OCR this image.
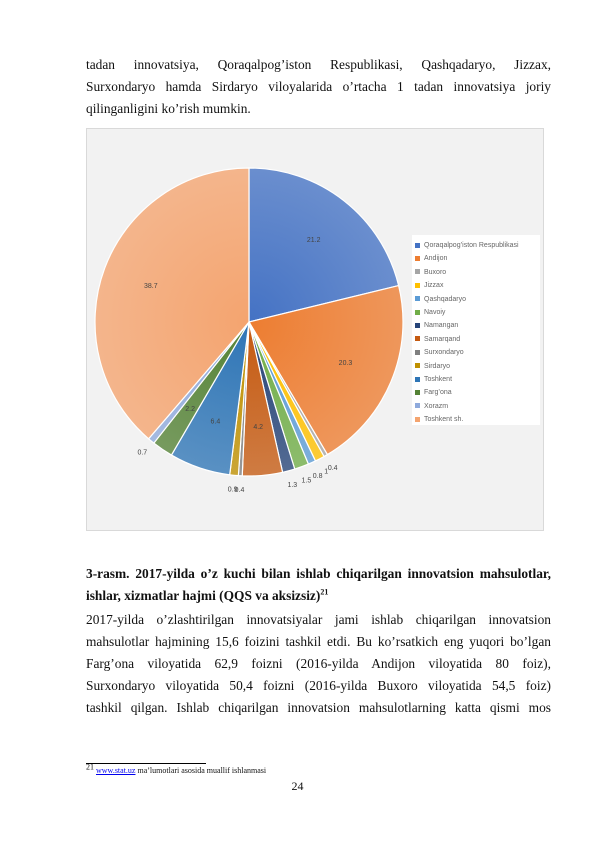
tadan innovatsiya, Qoraqalpog’iston Respublikasi, Qashqadaryo, Jizzax,
Surxondaryo hamda Sirdaryo viloyalarida o’rtacha 1 tadan innovatsiya joriy
qilinganligini ko’rish mumkin.
21.2
20.3
0.4
1
0.8
1.5
1.3
4.2
0.4
0.9
6.4
2.2
0.7
38.7
Qoraqalpog’iston Respublikasi
Andijon
Buxoro
Jizzax
Qashqadaryo
Navoiy
Namangan
Samarqand
Surxondaryo
Sirdaryo
Toshkent
Farg’ona
Xorazm
Toshkent sh.
3-rasm. 2017-yilda o’z kuchi bilan ishlab chiqarilgan innovatsion mahsulotlar,
ishlar, xizmatlar hajmi (QQS va aksizsiz)$^{21}$
2017-yilda o’zlashtirilgan innovatsiyalar jami ishlab chiqarilgan innovatsion
mahsulotlar hajmining 15,6 foizini tashkil etdi. Bu ko’rsatkich eng yuqori bo’lgan
Farg’ona viloyatida 62,9 foizni (2016-yilda Andijon viloyatida 80 foiz),
Surxondaryo viloyatida 50,4 foizni (2016-yilda Buxoro viloyatida 54,5 foiz)
tashkil qilgan. Ishlab chiqarilgan innovatsion mahsulotlarning katta qismi mos
$^{21}$ www.stat.uz ma’lumotlari asosida muallif ishlanmasi
24
